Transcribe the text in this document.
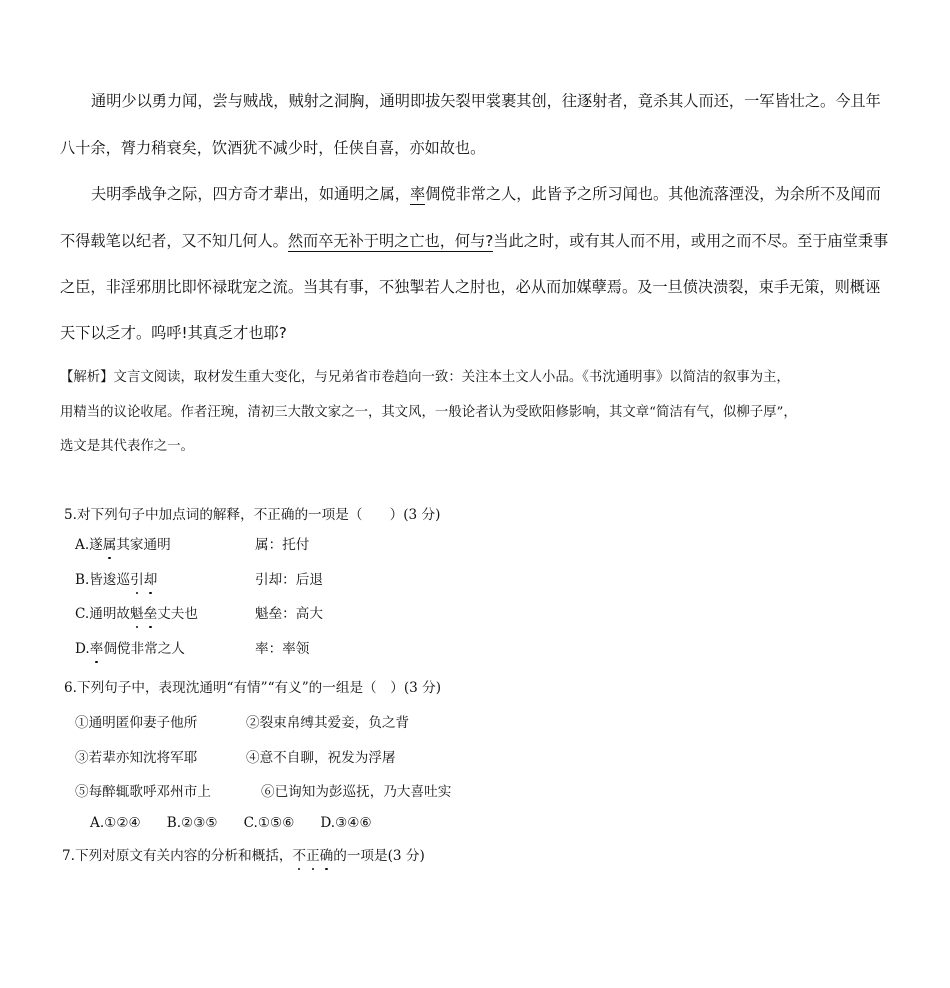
通明少以勇力闻，尝与贼战，贼射之洞胸，通明即拔矢裂甲裳裹其创，往逐射者，竟杀其人而还，一军皆壮之。今且年
八十余，膂力稍衰矣，饮酒犹不减少时，任侠自喜，亦如故也。
夫明季战争之际，四方奇才辈出，如通明之属，率倜傥非常之人，此皆予之所习闻也。其他流落湮没，为余所不及闻而
不得载笔以纪者，又不知几何人。然而卒无补于明之亡也，何与?当此之时，或有其人而不用，或用之而不尽。至于庙堂秉事
之臣，非淫邪朋比即怀禄耽宠之流。当其有事，不独掣若人之肘也，必从而加媒孽焉。及一旦偾决溃裂，束手无策，则概诬
天下以乏才。呜呼!其真乏才也耶?
【解析】文言文阅读，取材发生重大变化，与兄弟省市卷趋向一致：关注本土文人小品。《书沈通明事》以简洁的叙事为主，
用精当的议论收尾。作者汪琬，清初三大散文家之一，其文风，一般论者认为受欧阳修影响，其文章“简洁有气，似柳子厚”，
选文是其代表作之一。
5.对下列句子中加点词的解释，不正确的一项是（　　）(3 分)
A.遂属其家通明	属：托付
B.皆逡巡引却	引却：后退
C.通明故魁垒丈夫也	魁垒：高大
D.率倜傥非常之人	率：率领
6.下列句子中，表现沈通明“有情”“有义”的一组是（　）(3 分)
①通明匿仰妻子他所	②裂束帛缚其爱妾，负之背
③若辈亦知沈将军耶	④意不自聊，祝发为浮屠
⑤每醉辄歌呼邓州市上	⑥已询知为彭巡抚，乃大喜吐实
A.①②④ B.②③⑤ C.①⑤⑥ D.③④⑥
7.下列对原文有关内容的分析和概括，不正确的一项是(3 分)
